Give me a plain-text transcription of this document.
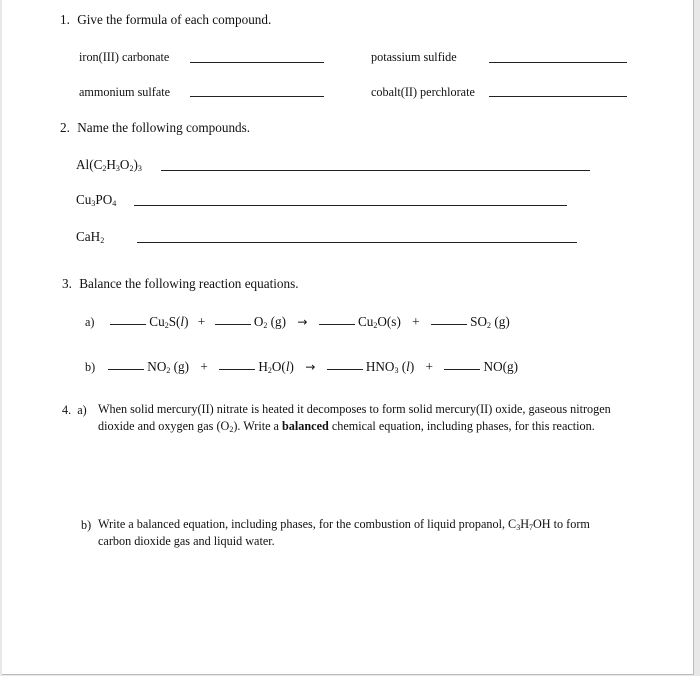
1. Give the formula of each compound.
iron(III) carbonate	potassium sulfide
ammonium sulfate	cobalt(II) perchlorate
2. Name the following compounds.
$Al(C_2H_3O_2)_3$
$Cu_3PO_4$
CaH$_2$
3. Balance the following reaction equations.
a)	$Cu_2S(l)$ +	$O_2$ (g) →	$Cu_2O(s)$ +	$SO_2$ (g)
b)	$NO_2$ (g) +	$H_2O(l)$ →	$HNO_3$ (l) +	NO(g)
4. a) When solid mercury(II) nitrate is heated it decomposes to form solid mercury(II) oxide, gaseous nitrogen
dioxide and oxygen gas $(O_2)$. Write a balanced chemical equation, including phases, for this reaction.
b) Write a balanced equation, including phases, for the combustion of liquid propanol, $C_3H_7OH$ to form
carbon dioxide gas and liquid water.
